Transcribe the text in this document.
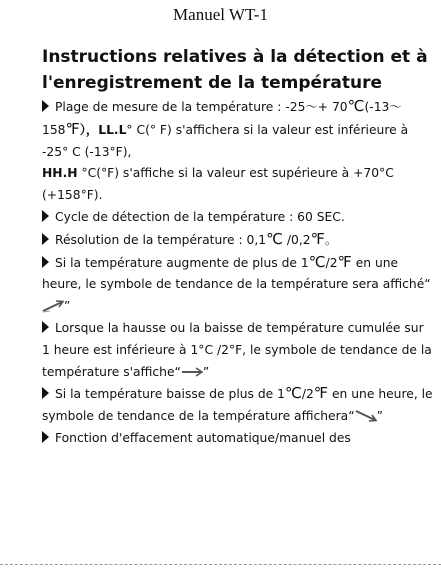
Manuel WT-1
Instructions relatives à la détection et à l'enregistrement de la température

Plage de mesure de la température : -25～+ 70℃(-13～ 158℉），LL.L° C(° F) s'affichera si la valeur est inférieure à -25° C (-13°F),

HH.H °C(°F) s'affiche si la valeur est supérieure à +70°C (+158°F).

Cycle de détection de la température : 60 SEC.

Résolution de la température : 0,1℃ /0,2℉。

Si la température augmente de plus de 1℃/2℉ en une heure, le symbole de tendance de la température sera affiché“
”

Lorsque la hausse ou la baisse de température cumulée sur 1 heure est inférieure à 1°C /2°F, le symbole de tendance de la température s'affiche“ ”

Si la température baisse de plus de 1℃/2℉ en une heure, le symbole de tendance de la température affichera“ ”

Fonction d'effacement automatique/manuel des
